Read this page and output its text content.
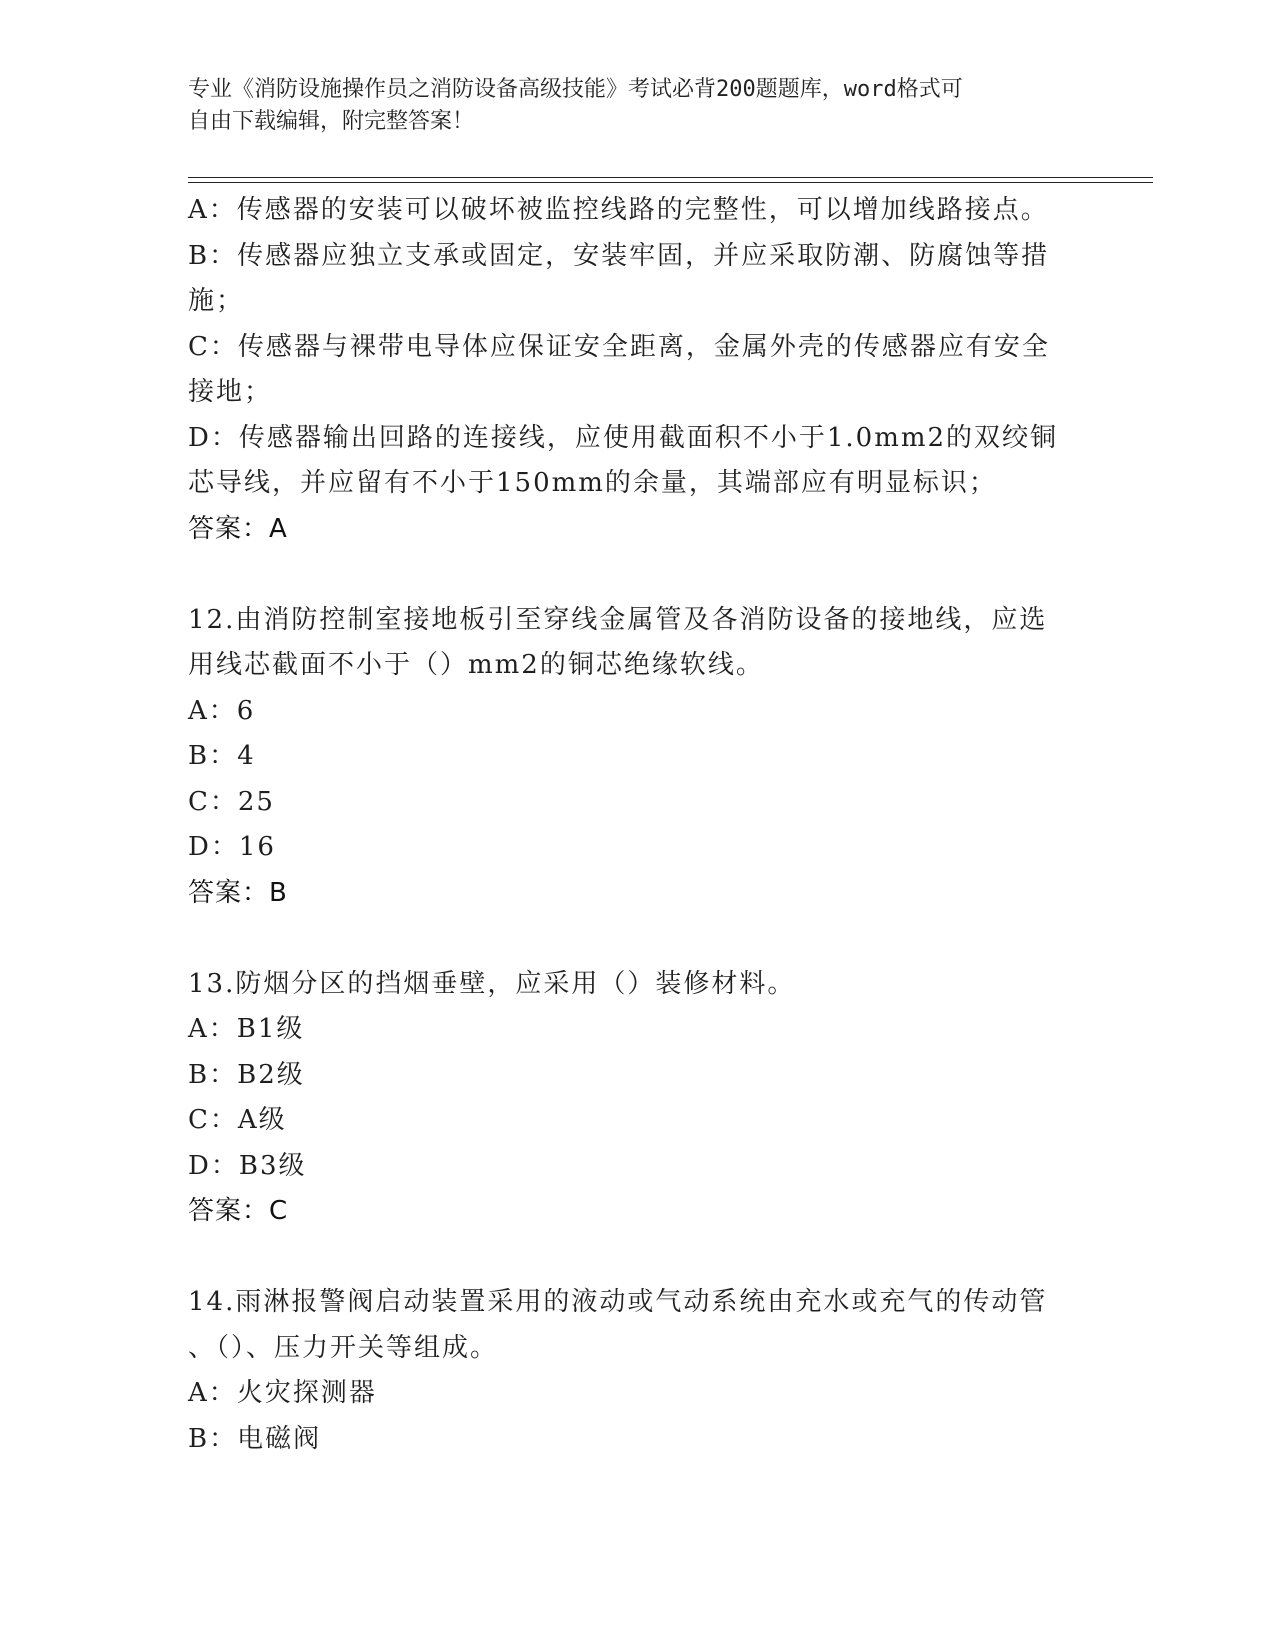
专业《消防设施操作员之消防设备高级技能》考试必背200题题库，word格式可
自由下载编辑，附完整答案！

A：传感器的安装可以破坏被监控线路的完整性，可以增加线路接点。

B：传感器应独立支承或固定，安装牢固，并应采取防潮、防腐蚀等措

施；

C：传感器与裸带电导体应保证安全距离，金属外壳的传感器应有安全

接地；

D：传感器输出回路的连接线，应使用截面积不小于1.0mm2的双绞铜

芯导线，并应留有不小于150mm的余量，其端部应有明显标识；

答案：A

12.由消防控制室接地板引至穿线金属管及各消防设备的接地线，应选

用线芯截面不小于（）mm2的铜芯绝缘软线。

A：6

B：4

C：25

D：16

答案：B

13.防烟分区的挡烟垂壁，应采用（）装修材料。

A：B1级

B：B2级

C：A级

D：B3级

答案：C

14.雨淋报警阀启动装置采用的液动或气动系统由充水或充气的传动管

、（）、压力开关等组成。

A：火灾探测器

B：电磁阀
